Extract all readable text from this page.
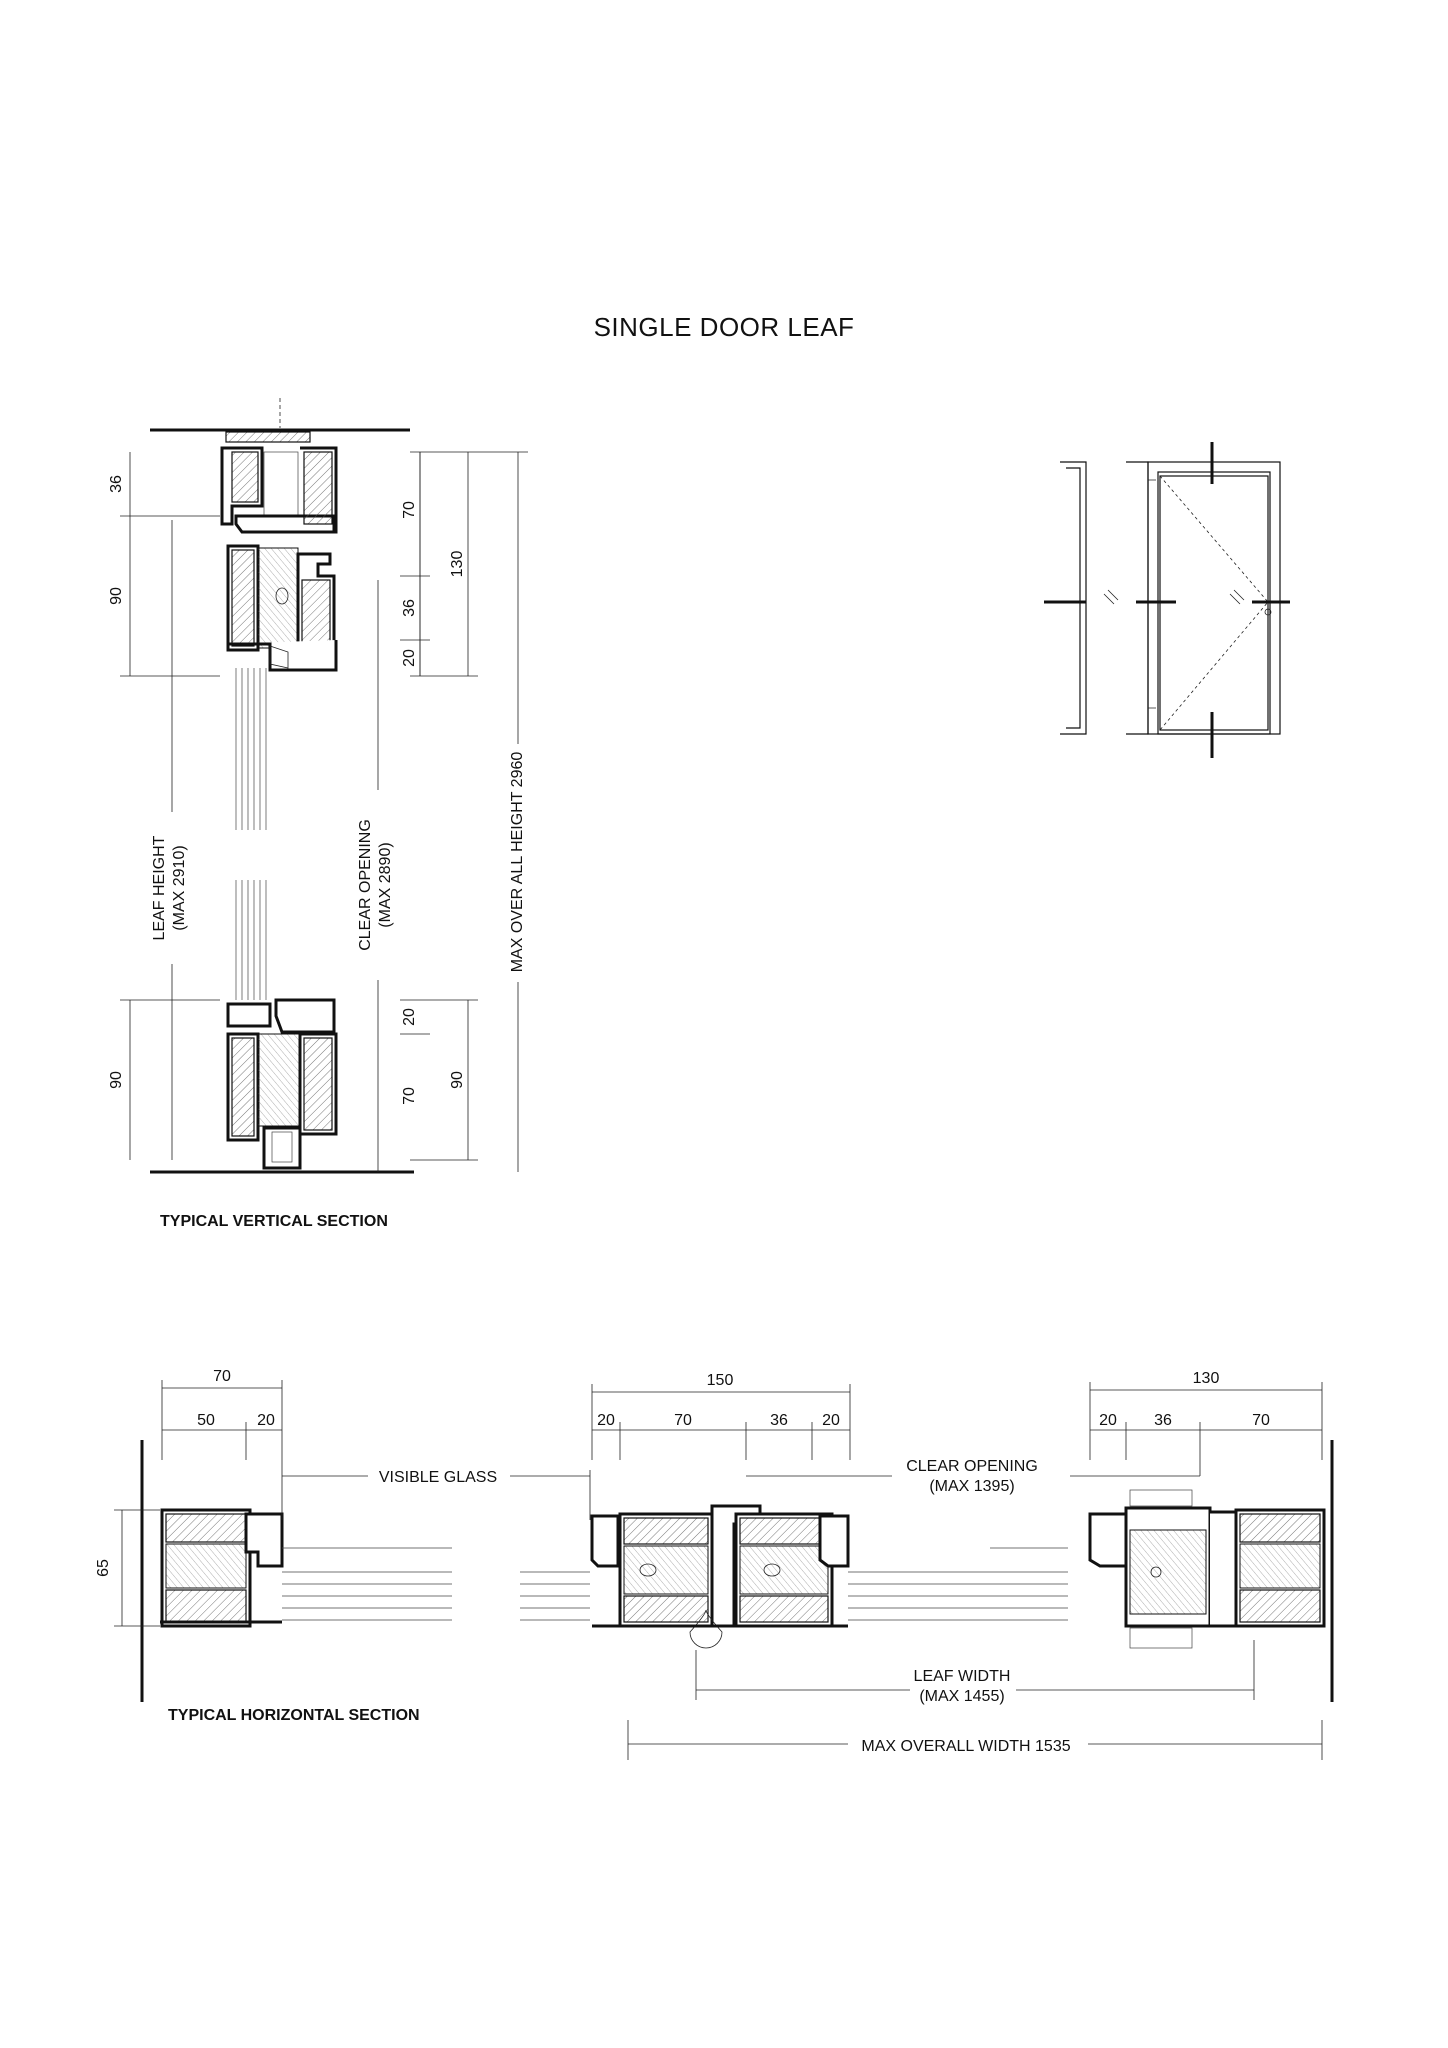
SINGLE DOOR LEAF
36
90
90
70
36
20
20
70
130
90
LEAF HEIGHT (MAX 2910)	CLEAR OPENING (MAX 2890)	MAX OVER ALL HEIGHT 2960
TYPICAL VERTICAL SECTION
70
50	20
150
20	70	36 20
130
20 36	70
65
VISIBLE GLASS
CLEAR OPENING
(MAX 1395)
LEAF WIDTH
(MAX 1455)
MAX OVERALL WIDTH 1535
TYPICAL HORIZONTAL SECTION
